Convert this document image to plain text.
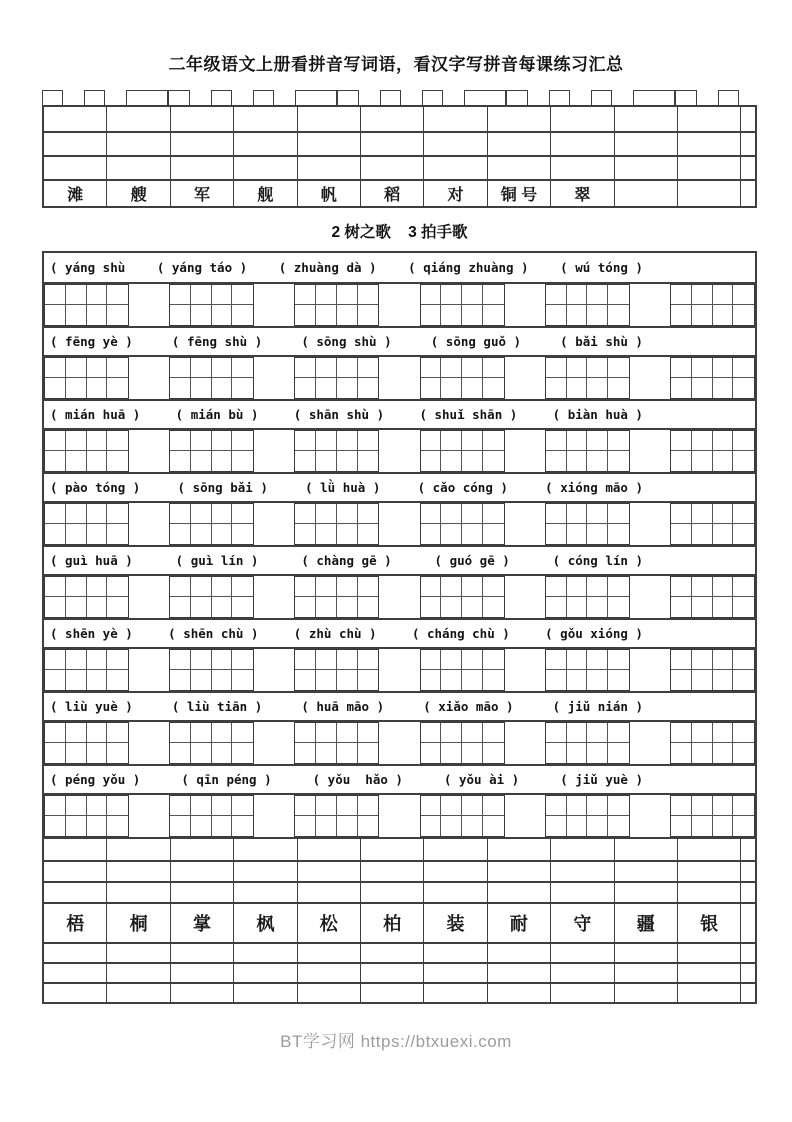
二年级语文上册看拼音写词语，看汉字写拼音每课练习汇总
滩	艘	军	舰	帆	稻	对	铜 号	翠
2 树之歌    3 拍手歌
( yáng shù	( yáng táo )	( zhuàng dà )	( qiáng zhuàng )	( wú tóng )
( fēng yè )	( fēng shù )	( sōng shù )	( sōng guǒ )	( bǎi shù )
( mián huā )	( mián bù )	( shān shù )	( shuǐ shān )	( biàn huà )
( pào tóng )	( sōng bǎi )	( lǜ huà )	( cǎo cóng )	( xióng māo )
( guì huā )	( guì lín )	( chàng gē )	( guó gē )	( cóng lín )
( shēn yè )	( shēn chù )	( zhù chù )	( cháng chù )	( gǒu xióng )
( liù yuè )	( liù tiān )	( huā māo )	( xiǎo māo )	( jiǔ nián )
( péng yǒu )	( qīn péng )	( yǒu  hǎo )	( yǒu ài )	( jiǔ yuè )
梧	桐	掌	枫	松	柏	装	耐	守	疆	银
BT学习网 https://btxuexi.com
